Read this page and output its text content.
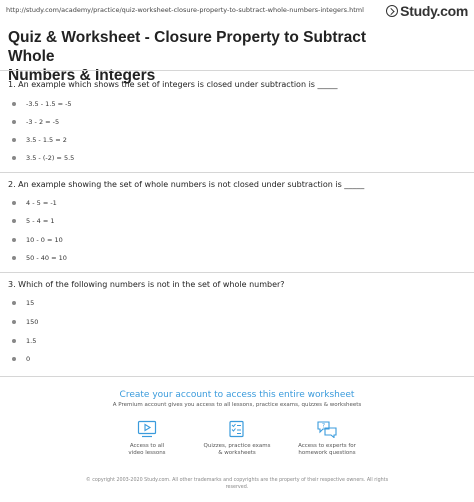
http://study.com/academy/practice/quiz-worksheet-closure-property-to-subtract-whole-numbers-integers.html	Study.com
Quiz & Worksheet - Closure Property to Subtract Whole
Numbers & Integers
1. An example which shows the set of integers is closed under subtraction is _____
-3.5 - 1.5 = -5
-3 - 2 = -5
3.5 - 1.5 = 2
3.5 - (-2) = 5.5
2. An example showing the set of whole numbers is not closed under subtraction is _____
4 - 5 = -1
5 - 4 = 1
10 - 0 = 10
50 - 40 = 10
3. Which of the following numbers is not in the set of whole number?
15
150
1.5
0
Create your account to access this entire worksheet
A Premium account gives you access to all lessons, practice exams, quizzes & worksheets
Access to all
video lessons
Quizzes, practice exams
& worksheets
?
Access to experts for
homework questions
© copyright 2003-2020 Study.com. All other trademarks and copyrights are the property of their respective owners. All rights
reserved.
